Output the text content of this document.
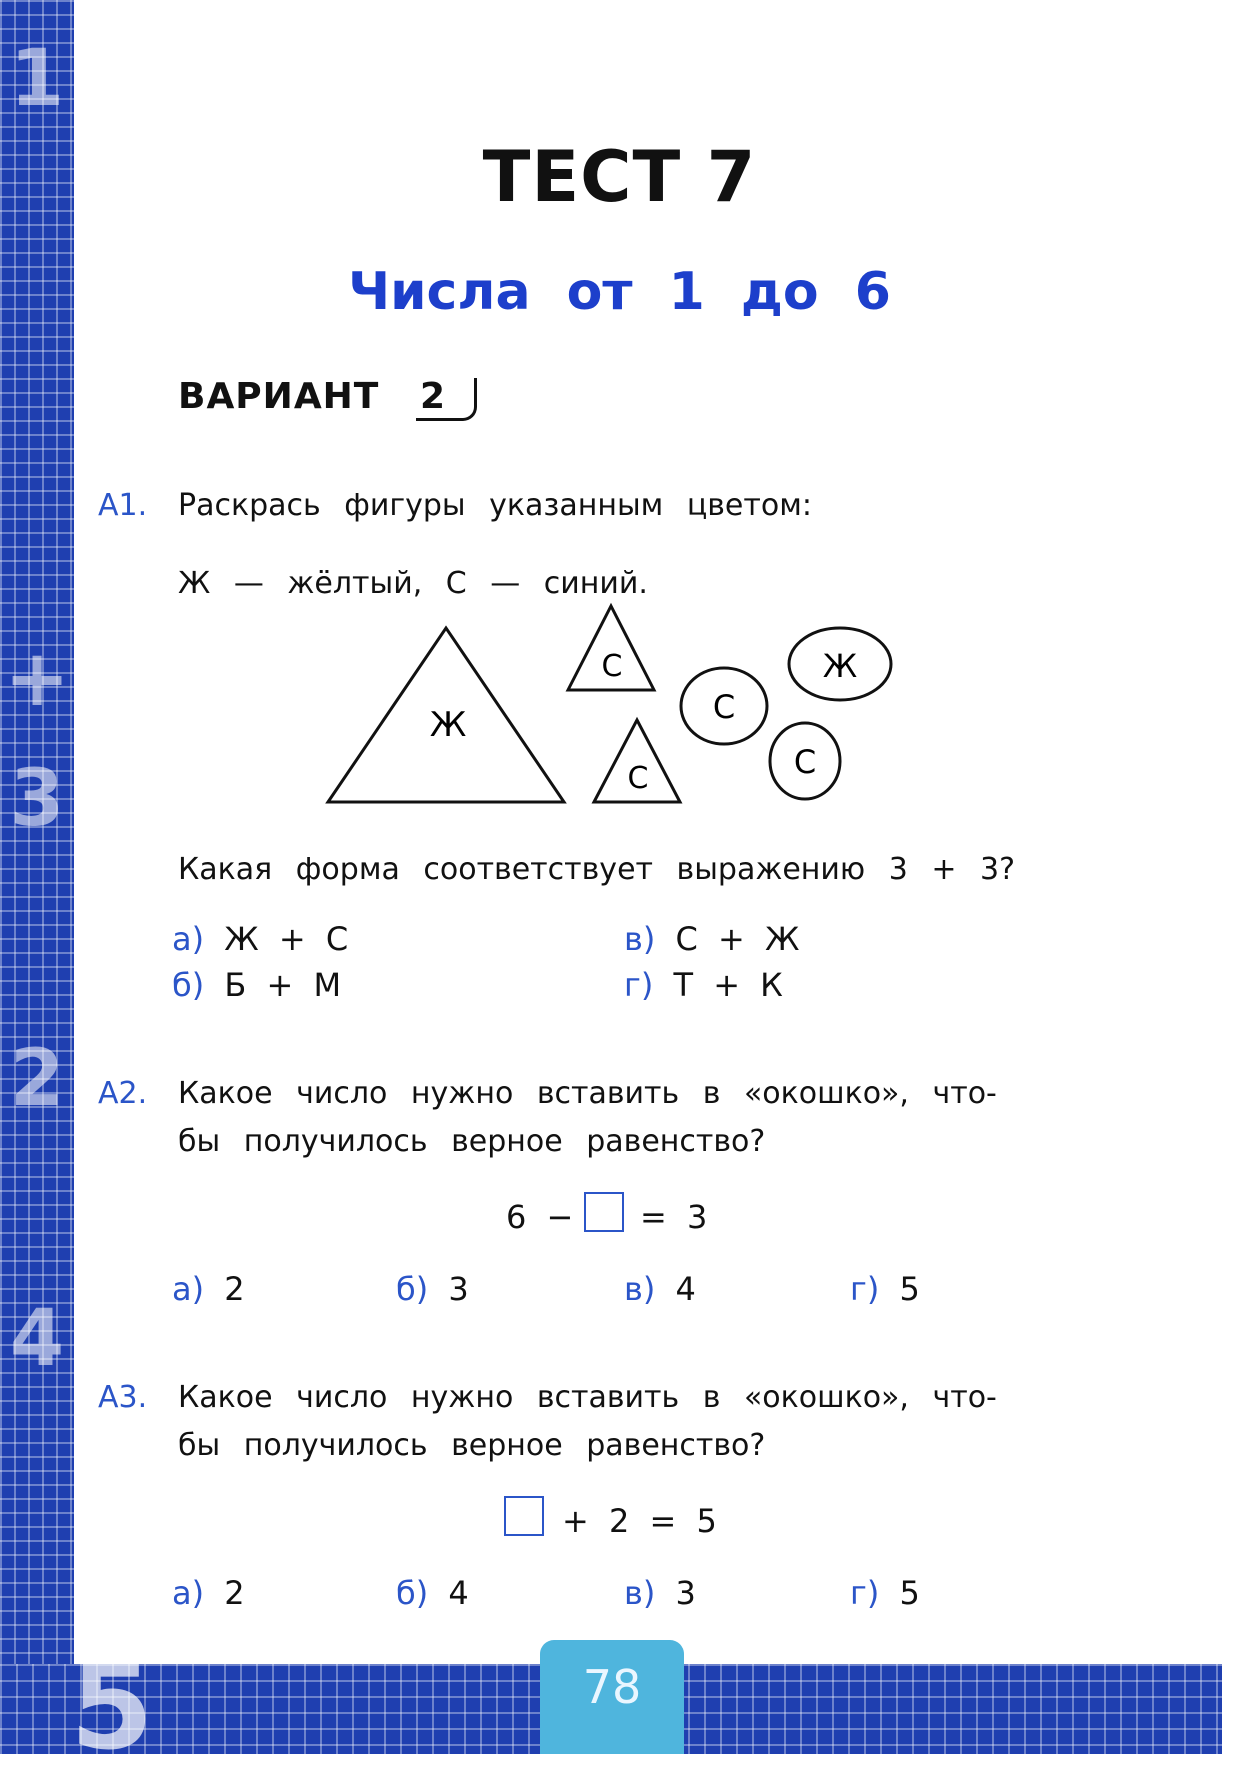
1
+
3
2
4
5	78
ТЕСТ 7
Числа от 1 до 6
ВАРИАНТ 2
А1. Раскрась фигуры указанным цветом:
Ж — жёлтый, С — синий.
Ж
С
С
С
Ж
С
Какая форма соответствует выражению 3 + 3?
а) Ж + С
б) Б + М
в) С + Ж
г) Т + К
А2. Какое число нужно вставить в «окошко», что-
бы получилось верное равенство?
6 − = 3
а) 2	б) 3	в) 4	г) 5
А3. Какое число нужно вставить в «окошко», что-
бы получилось верное равенство?
+ 2 = 5
а) 2	б) 4	в) 3	г) 5
